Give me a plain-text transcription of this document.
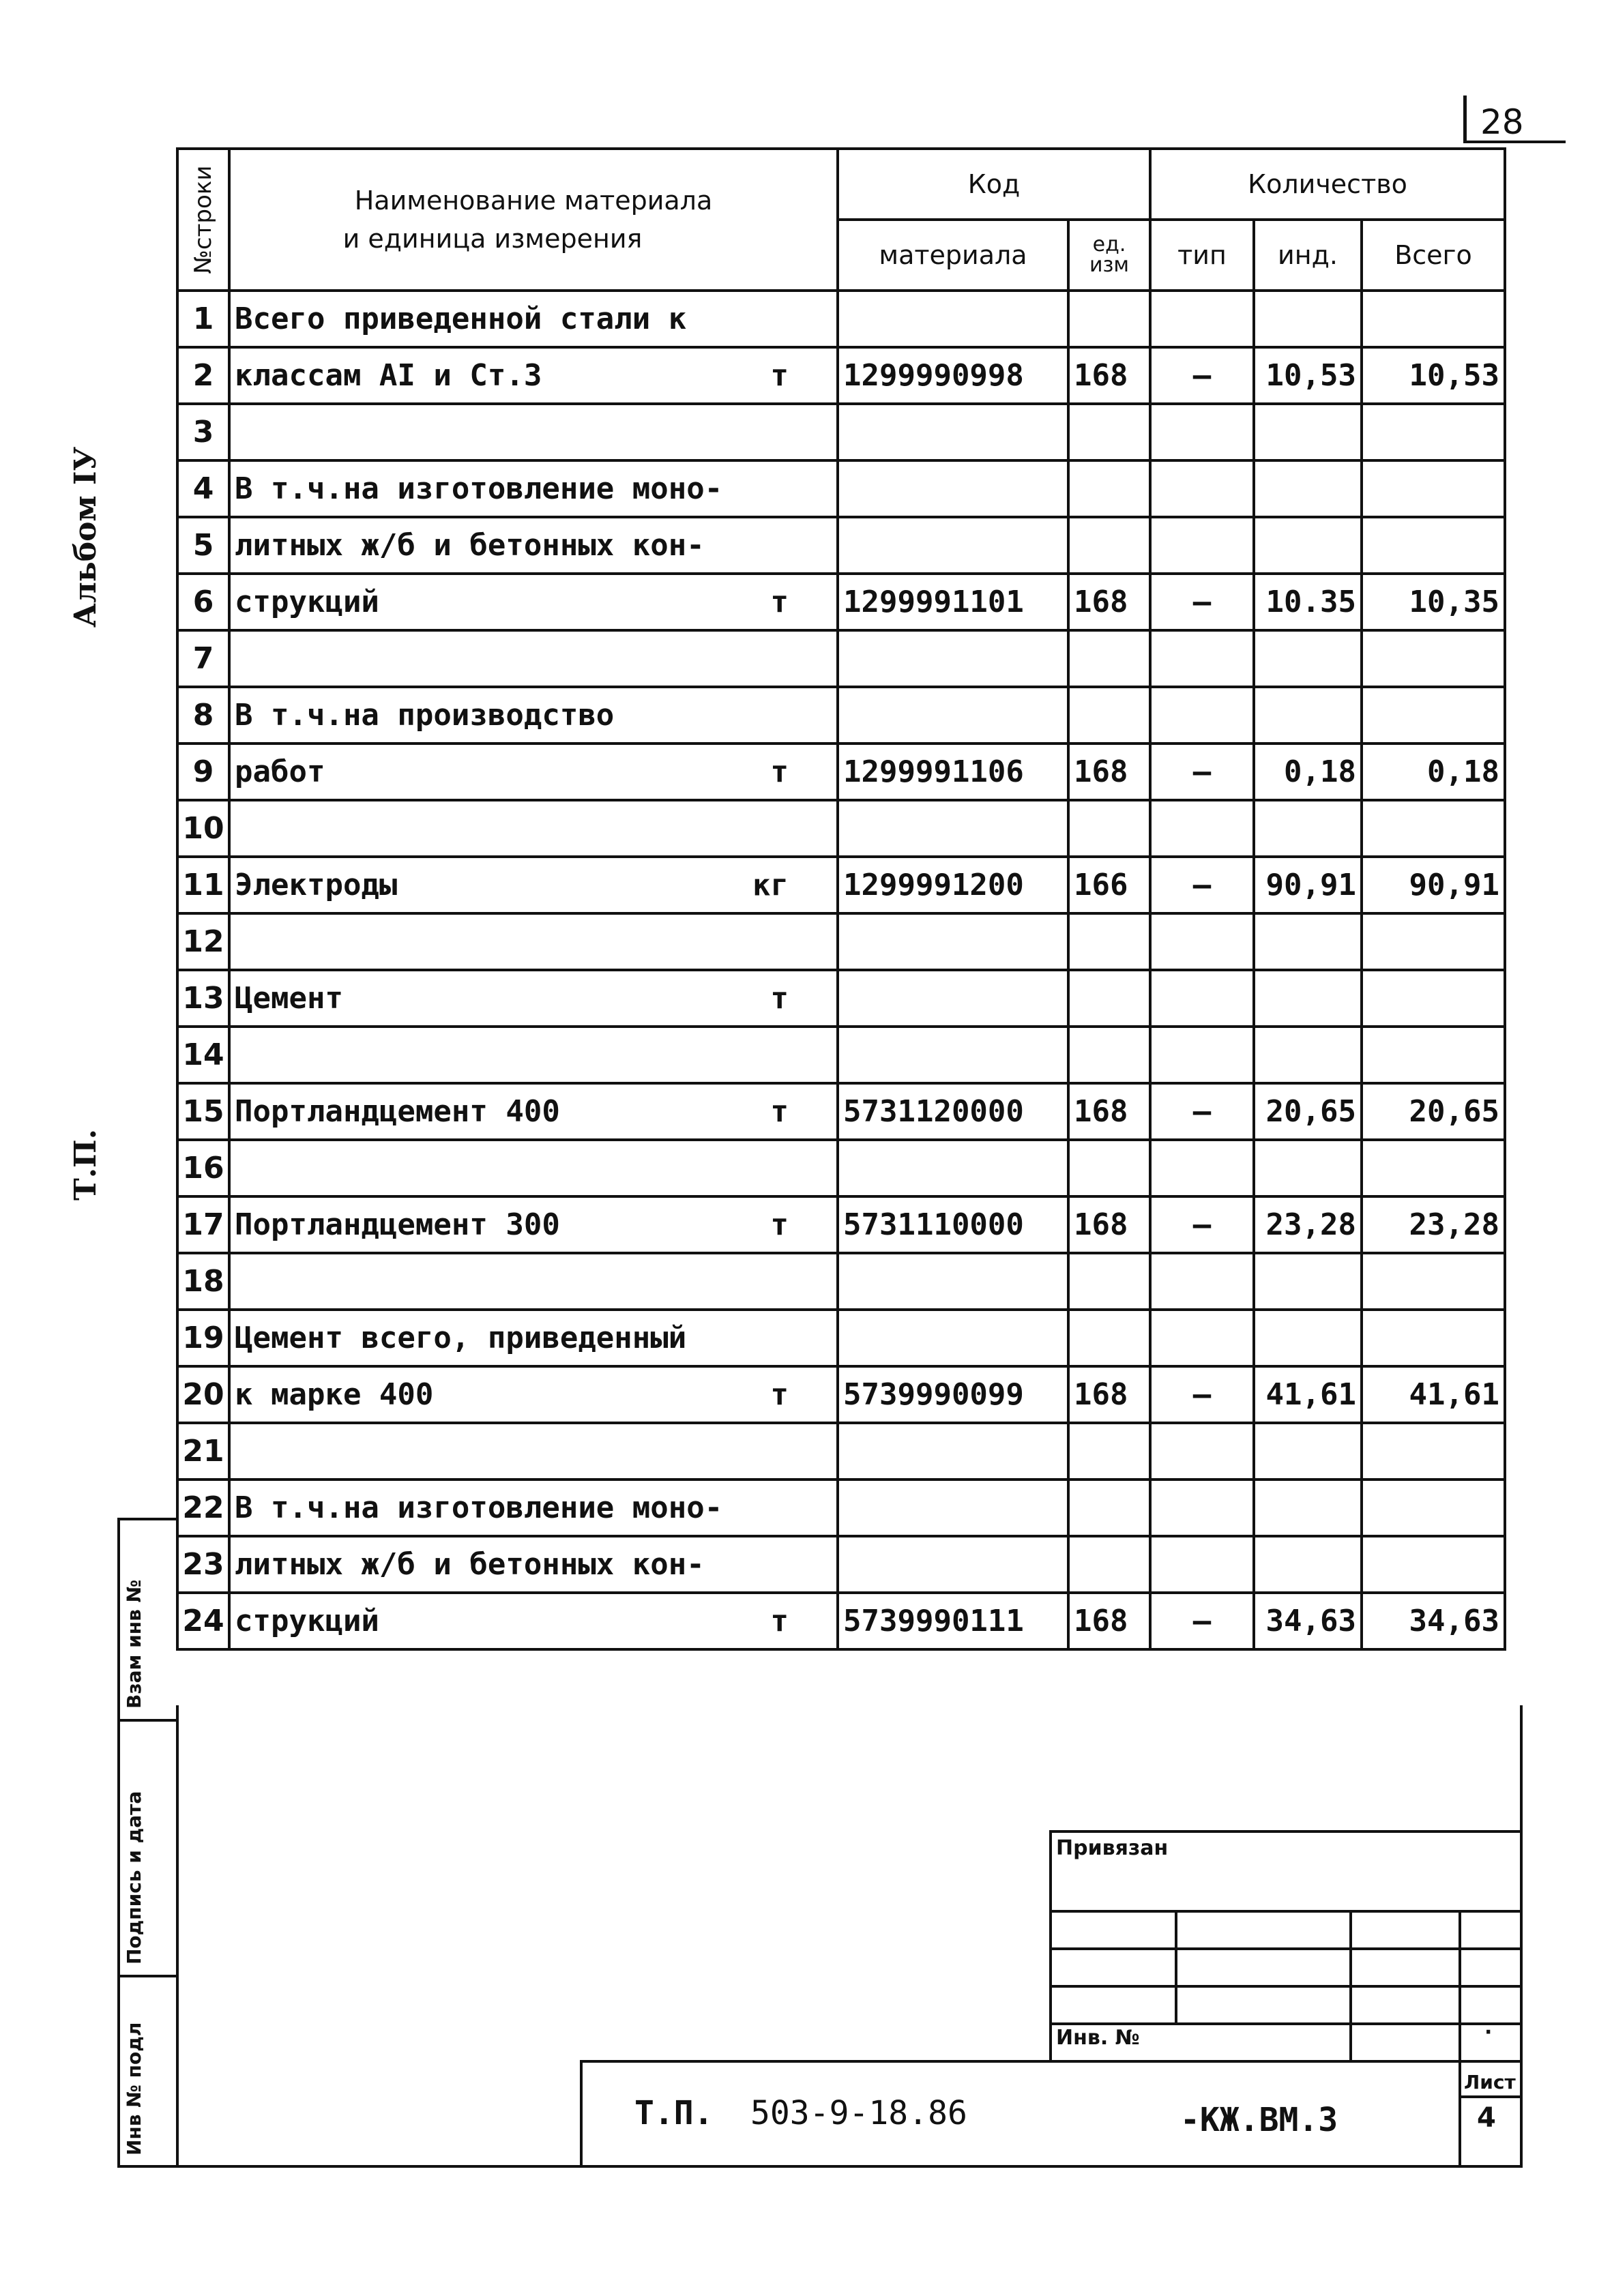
28
Альбом IУ
Т.П.
№строки	Наименование материала
и единица измерения	Код		Количество		
		материала	ед. изм	тип	инд.	Всего
1	Всего приведенной стали к

2	классам АI и Ст.3 т	1299990998	168	–	10,53	10,53
3	

4	В т.ч.на изготовление моно-

5	литных ж/б и бетонных кон-

6	струкций т	1299991101	168	–	10.35	10,35
7	

8	В т.ч.на производство

9	работ т	1299991106	168	–	0,18	0,18
10	

11	Электроды кг	1299991200	166	–	90,91	90,91
12	

13	Цемент т					

14	

15	Портландцемент 400 т	5731120000	168	–	20,65	20,65
16	

17	Портландцемент 300 т	5731110000	168	–	23,28	23,28
18	

19	Цемент всего, приведенный

20	к марке 400 т	5739990099	168	–	41,61	41,61
21	

22	В т.ч.на изготовление моно-

23	литных ж/б и бетонных кон-

24	струкций т	5739990111	168	–	34,63	34,63
Взам инв №
Подпись и дата
Инв № подл
Привязан
Инв. №	·
Т.П. 503-9-18.86	-КЖ.ВМ.3
Лист
4
